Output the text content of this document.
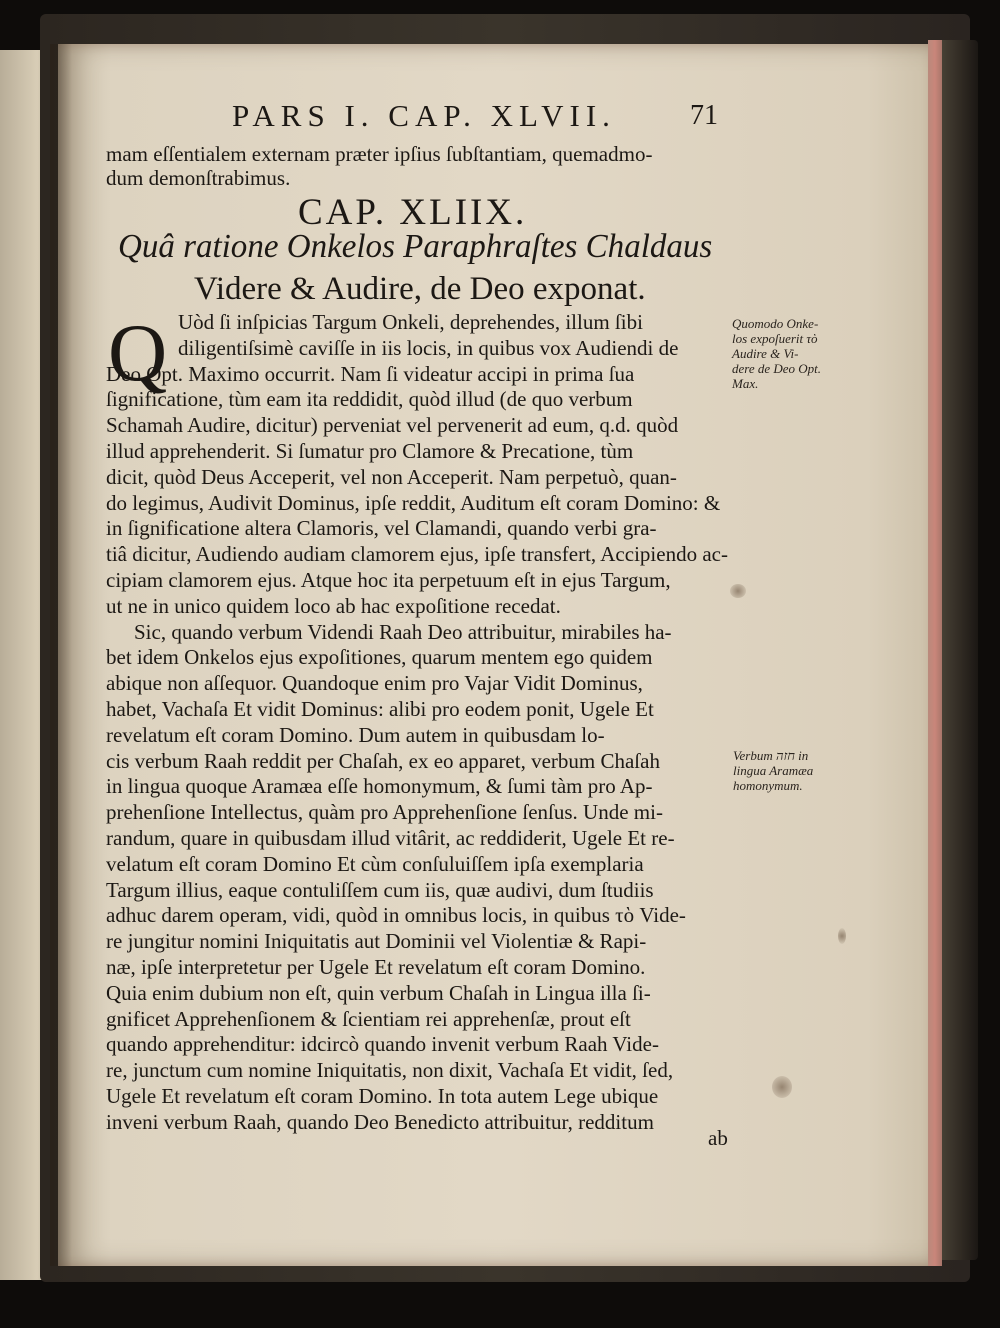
PARS I. CAP. XLVII.	71
mam eſſentialem externam præter ipſius ſubſtantiam, quemadmo-
dum demonſtrabimus.
CAP. XLIIX.
Quâ ratione Onkelos Paraphraſtes Chaldaus
Videre & Audire, de Deo exponat.
Q Uòd ſi inſpicias Targum Onkeli, deprehendes, illum ſibi
diligentiſsimè caviſſe in iis locis, in quibus vox Audiendi de
Deo Opt. Maximo occurrit. Nam ſi videatur accipi in prima ſua
ſignificatione, tùm eam ita reddidit, quòd illud (de quo verbum
Schamah Audire, dicitur) perveniat vel pervenerit ad eum, q.d. quòd
illud apprehenderit. Si ſumatur pro Clamore & Precatione, tùm
dicit, quòd Deus Acceperit, vel non Acceperit. Nam perpetuò, quan-
do legimus, Audivit Dominus, ipſe reddit, Auditum eſt coram Domino: &
in ſignificatione altera Clamoris, vel Clamandi, quando verbi gra-
tiâ dicitur, Audiendo audiam clamorem ejus, ipſe transfert, Accipiendo ac-
cipiam clamorem ejus. Atque hoc ita perpetuum eſt in ejus Targum,
ut ne in unico quidem loco ab hac expoſitione recedat.
Sic, quando verbum Videndi Raah Deo attribuitur, mirabiles ha-
bet idem Onkelos ejus expoſitiones, quarum mentem ego quidem
abique non aſſequor. Quandoque enim pro Vajar Vidit Dominus,
habet, Vachaſa Et vidit Dominus: alibi pro eodem ponit, Ugele Et
revelatum eſt coram Domino. Dum autem in quibusdam lo-
cis verbum Raah reddit per Chaſah, ex eo apparet, verbum Chaſah
in lingua quoque Aramæa eſſe homonymum, & ſumi tàm pro Ap-
prehenſione Intellectus, quàm pro Apprehenſione ſenſus. Unde mi-
randum, quare in quibusdam illud vitârit, ac reddiderit, Ugele Et re-
velatum eſt coram Domino Et cùm conſuluiſſem ipſa exemplaria
Targum illius, eaque contuliſſem cum iis, quæ audivi, dum ſtudiis
adhuc darem operam, vidi, quòd in omnibus locis, in quibus τὸ Vide-
re jungitur nomini Iniquitatis aut Dominii vel Violentiæ & Rapi-
næ, ipſe interpretetur per Ugele Et revelatum eſt coram Domino.
Quia enim dubium non eſt, quin verbum Chaſah in Lingua illa ſi-
gnificet Apprehenſionem & ſcientiam rei apprehenſæ, prout eſt
quando apprehenditur: idcircò quando invenit verbum Raah Vide-
re, junctum cum nomine Iniquitatis, non dixit, Vachaſa Et vidit, ſed,
Ugele Et revelatum eſt coram Domino. In tota autem Lege ubique
inveni verbum Raah, quando Deo Benedicto attribuitur, redditum
ab
Quomodo Onke-
los expoſuerit τὸ
Audire & Vi-
dere de Deo Opt.
Max.
Verbum חזה in
lingua Aramæa
homonymum.
